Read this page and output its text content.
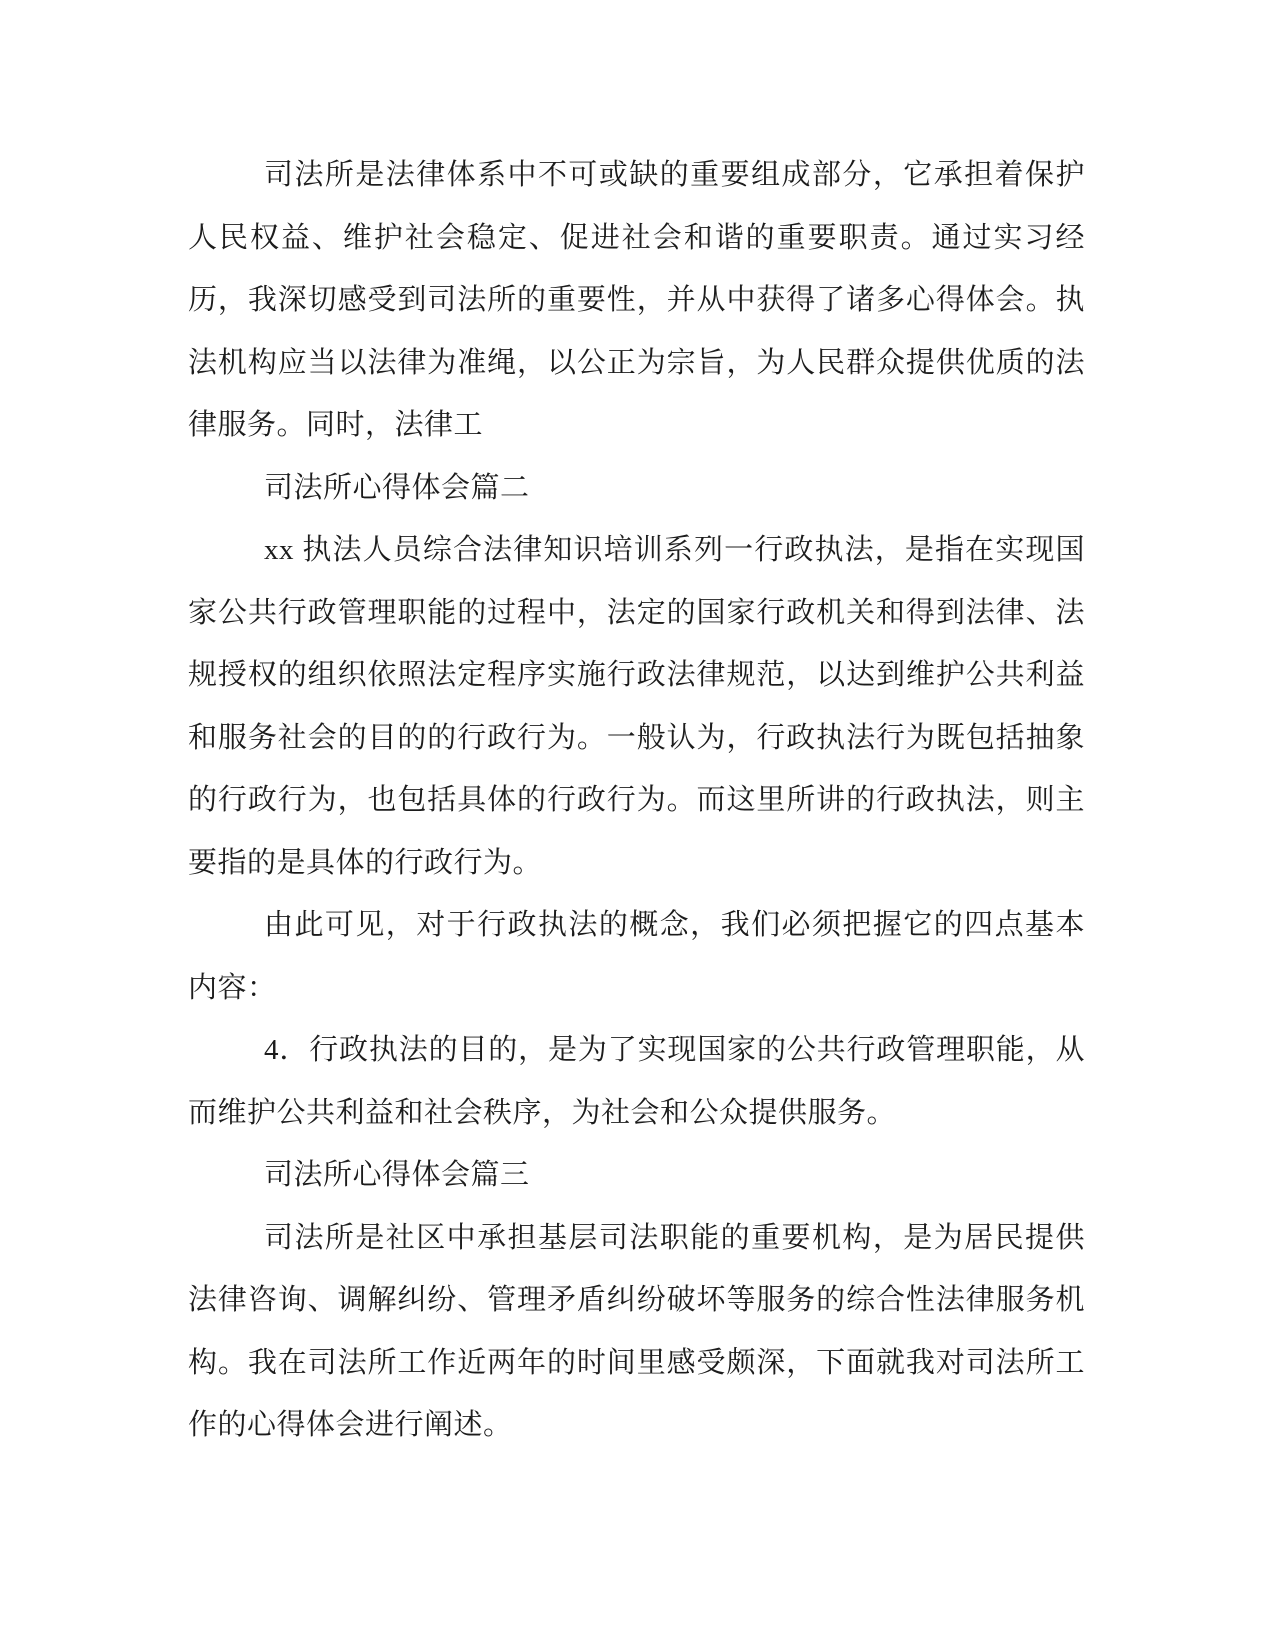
司法所是法律体系中不可或缺的重要组成部分，它承担着保护人民权益、维护社会稳定、促进社会和谐的重要职责。通过实习经历，我深切感受到司法所的重要性，并从中获得了诸多心得体会。执法机构应当以法律为准绳，以公正为宗旨，为人民群众提供优质的法律服务。同时，法律工

司法所心得体会篇二

xx 执法人员综合法律知识培训系列一行政执法，是指在实现国家公共行政管理职能的过程中，法定的国家行政机关和得到法律、法规授权的组织依照法定程序实施行政法律规范，以达到维护公共利益和服务社会的目的的行政行为。一般认为，行政执法行为既包括抽象的行政行为，也包括具体的行政行为。而这里所讲的行政执法，则主要指的是具体的行政行为。

由此可见，对于行政执法的概念，我们必须把握它的四点基本内容：

4．行政执法的目的，是为了实现国家的公共行政管理职能，从而维护公共利益和社会秩序，为社会和公众提供服务。

司法所心得体会篇三

司法所是社区中承担基层司法职能的重要机构，是为居民提供法律咨询、调解纠纷、管理矛盾纠纷破坏等服务的综合性法律服务机构。我在司法所工作近两年的时间里感受颇深，下面就我对司法所工作的心得体会进行阐述。
